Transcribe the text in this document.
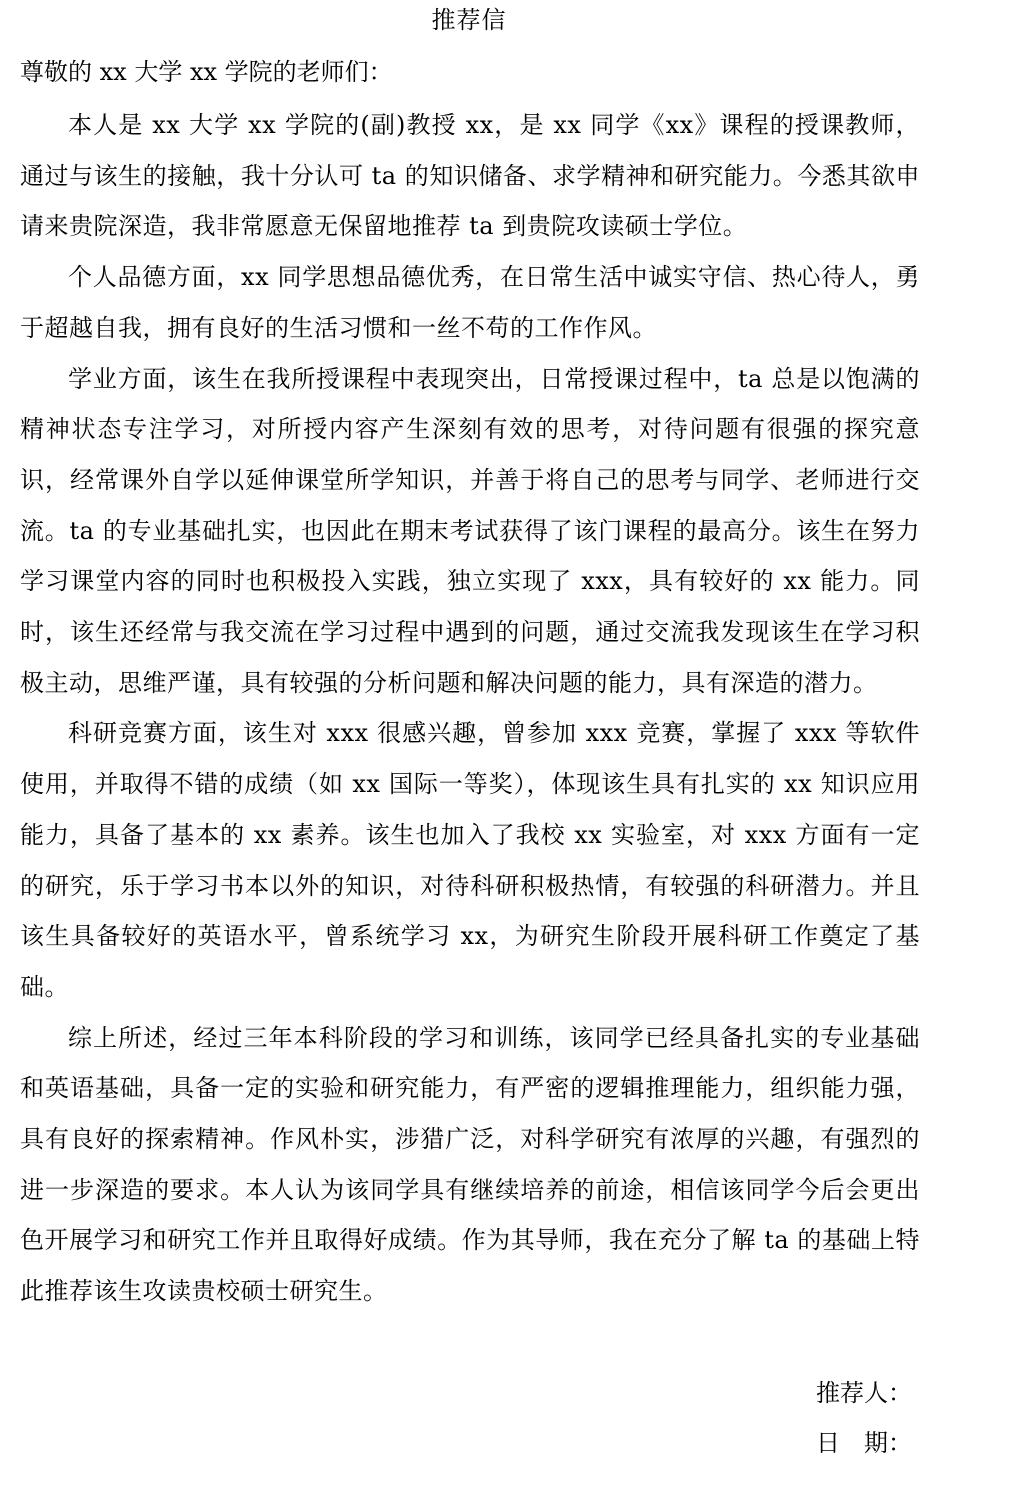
推荐信
尊敬的 xx 大学 xx 学院的老师们：

本人是 xx 大学 xx 学院的(副)教授 xx，是 xx 同学《xx》课程的授课教师，通过与该生的接触，我十分认可 ta 的知识储备、求学精神和研究能力。今悉其欲申请来贵院深造，我非常愿意无保留地推荐 ta 到贵院攻读硕士学位。

个人品德方面，xx 同学思想品德优秀，在日常生活中诚实守信、热心待人，勇于超越自我，拥有良好的生活习惯和一丝不苟的工作作风。

学业方面，该生在我所授课程中表现突出，日常授课过程中，ta 总是以饱满的精神状态专注学习，对所授内容产生深刻有效的思考，对待问题有很强的探究意识，经常课外自学以延伸课堂所学知识，并善于将自己的思考与同学、老师进行交流。ta 的专业基础扎实，也因此在期末考试获得了该门课程的最高分。该生在努力学习课堂内容的同时也积极投入实践，独立实现了 xxx，具有较好的 xx 能力。同时，该生还经常与我交流在学习过程中遇到的问题，通过交流我发现该生在学习积极主动，思维严谨，具有较强的分析问题和解决问题的能力，具有深造的潜力。

科研竞赛方面，该生对 xxx 很感兴趣，曾参加 xxx 竞赛，掌握了 xxx 等软件使用，并取得不错的成绩（如 xx 国际一等奖），体现该生具有扎实的 xx 知识应用能力，具备了基本的 xx 素养。该生也加入了我校 xx 实验室，对 xxx 方面有一定的研究，乐于学习书本以外的知识，对待科研积极热情，有较强的科研潜力。并且该生具备较好的英语水平，曾系统学习 xx，为研究生阶段开展科研工作奠定了基础。

综上所述，经过三年本科阶段的学习和训练，该同学已经具备扎实的专业基础和英语基础，具备一定的实验和研究能力，有严密的逻辑推理能力，组织能力强，具有良好的探索精神。作风朴实，涉猎广泛，对科学研究有浓厚的兴趣，有强烈的进一步深造的要求。本人认为该同学具有继续培养的前途，相信该同学今后会更出色开展学习和研究工作并且取得好成绩。作为其导师，我在充分了解 ta 的基础上特此推荐该生攻读贵校硕士研究生。

推荐人：
日　期：
